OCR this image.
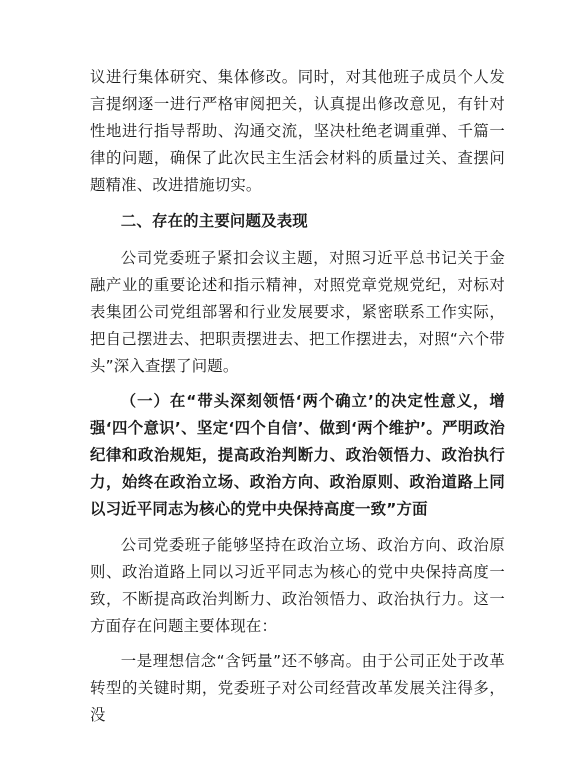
议进行集体研究、集体修改。同时，对其他班子成员个人发言提纲逐一进行严格审阅把关，认真提出修改意见，有针对性地进行指导帮助、沟通交流，坚决杜绝老调重弹、千篇一律的问题，确保了此次民主生活会材料的质量过关、查摆问题精准、改进措施切实。

二、存在的主要问题及表现

公司党委班子紧扣会议主题，对照习近平总书记关于金融产业的重要论述和指示精神，对照党章党规党纪，对标对表集团公司党组部署和行业发展要求，紧密联系工作实际，把自己摆进去、把职责摆进去、把工作摆进去，对照“六个带头”深入查摆了问题。

（一）在“带头深刻领悟‘两个确立’的决定性意义，增强‘四个意识’、坚定‘四个自信’、做到‘两个维护’。严明政治纪律和政治规矩，提高政治判断力、政治领悟力、政治执行力，始终在政治立场、政治方向、政治原则、政治道路上同以习近平同志为核心的党中央保持高度一致”方面

公司党委班子能够坚持在政治立场、政治方向、政治原则、政治道路上同以习近平同志为核心的党中央保持高度一致，不断提高政治判断力、政治领悟力、政治执行力。这一方面存在问题主要体现在：

一是理想信念“含钙量”还不够高。由于公司正处于改革转型的关键时期，党委班子对公司经营改革发展关注得多，没
